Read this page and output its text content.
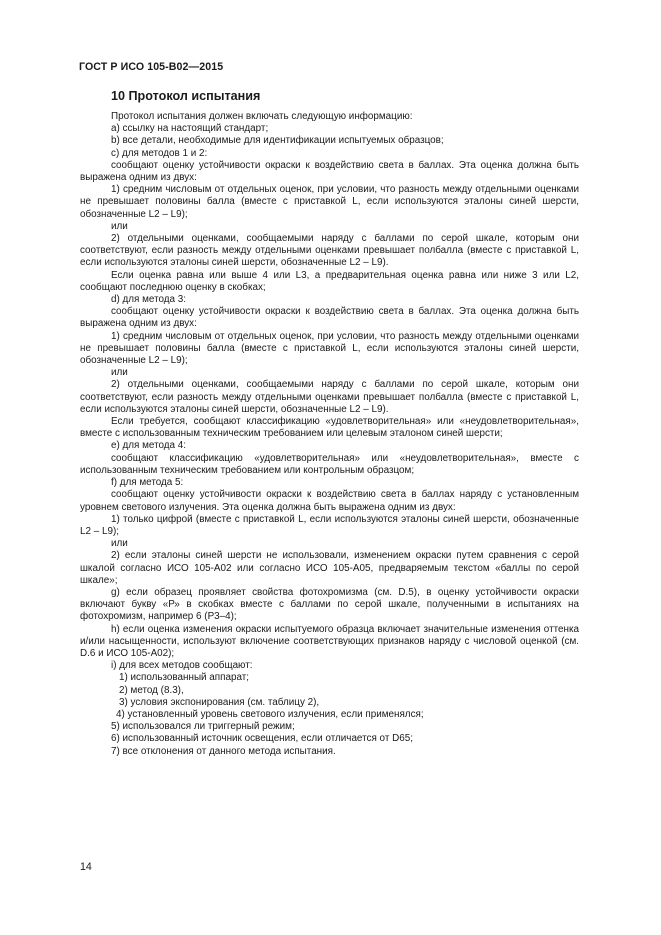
ГОСТ Р ИСО 105-В02—2015
10 Протокол испытания

Протокол испытания должен включать следующую информацию:

а) ссылку на настоящий стандарт;

b) все детали, необходимые для идентификации испытуемых образцов;

с) для методов 1 и 2:

сообщают оценку устойчивости окраски к воздействию света в баллах. Эта оценка должна быть выражена одним из двух:

1) средним числовым от отдельных оценок, при условии, что разность между отдельными оценками не превышает половины балла (вместе с приставкой L, если используются эталоны синей шерсти, обозначенные L2 – L9);

или

2) отдельными оценками, сообщаемыми наряду с баллами по серой шкале, которым они соответствуют, если разность между отдельными оценками превышает полбалла (вместе с приставкой L, если используются эталоны синей шерсти, обозначенные L2 – L9).

Если оценка равна или выше 4 или L3, а предварительная оценка равна или ниже 3 или L2, сообщают последнюю оценку в скобках;

d) для метода 3:

сообщают оценку устойчивости окраски к воздействию света в баллах. Эта оценка должна быть выражена одним из двух:

1) средним числовым от отдельных оценок, при условии, что разность между отдельными оценками не превышает половины балла (вместе с приставкой L, если используются эталоны синей шерсти, обозначенные L2 – L9);

или

2) отдельными оценками, сообщаемыми наряду с баллами по серой шкале, которым они соответствуют, если разность между отдельными оценками превышает полбалла (вместе с приставкой L, если используются эталоны синей шерсти, обозначенные L2 – L9).

Если требуется, сообщают классификацию «удовлетворительная» или «неудовлетворительная», вместе с использованным техническим требованием или целевым эталоном синей шерсти;

е) для метода 4:

сообщают классификацию «удовлетворительная» или «неудовлетворительная», вместе с использованным техническим требованием или контрольным образцом;

f) для метода 5:

сообщают оценку устойчивости окраски к воздействию света в баллах наряду с установленным уровнем светового излучения. Эта оценка должна быть выражена одним из двух:

1) только цифрой (вместе с приставкой L, если используются эталоны синей шерсти, обозначенные L2 – L9);

или

2) если эталоны синей шерсти не использовали, изменением окраски путем сравнения с серой шкалой согласно ИСО 105-А02 или согласно ИСО 105-А05, предваряемым текстом «баллы по серой шкале»;

g) если образец проявляет свойства фотохромизма (см. D.5), в оценку устойчивости окраски включают букву «Р» в скобках вместе с баллами по серой шкале, полученными в испытаниях на фотохромизм, например 6 (Р3–4);

h) если оценка изменения окраски испытуемого образца включает значительные изменения оттенка и/или насыщенности, используют включение соответствующих признаков наряду с числовой оценкой (см. D.6 и ИСО 105-А02);

i) для всех методов сообщают:

1) использованный аппарат;

2) метод (8.3),

3) условия экспонирования (см. таблицу 2),

4) установленный уровень светового излучения, если применялся;

5) использовался ли триггерный режим;

6) использованный источник освещения, если отличается от D65;

7) все отклонения от данного метода испытания.

14
